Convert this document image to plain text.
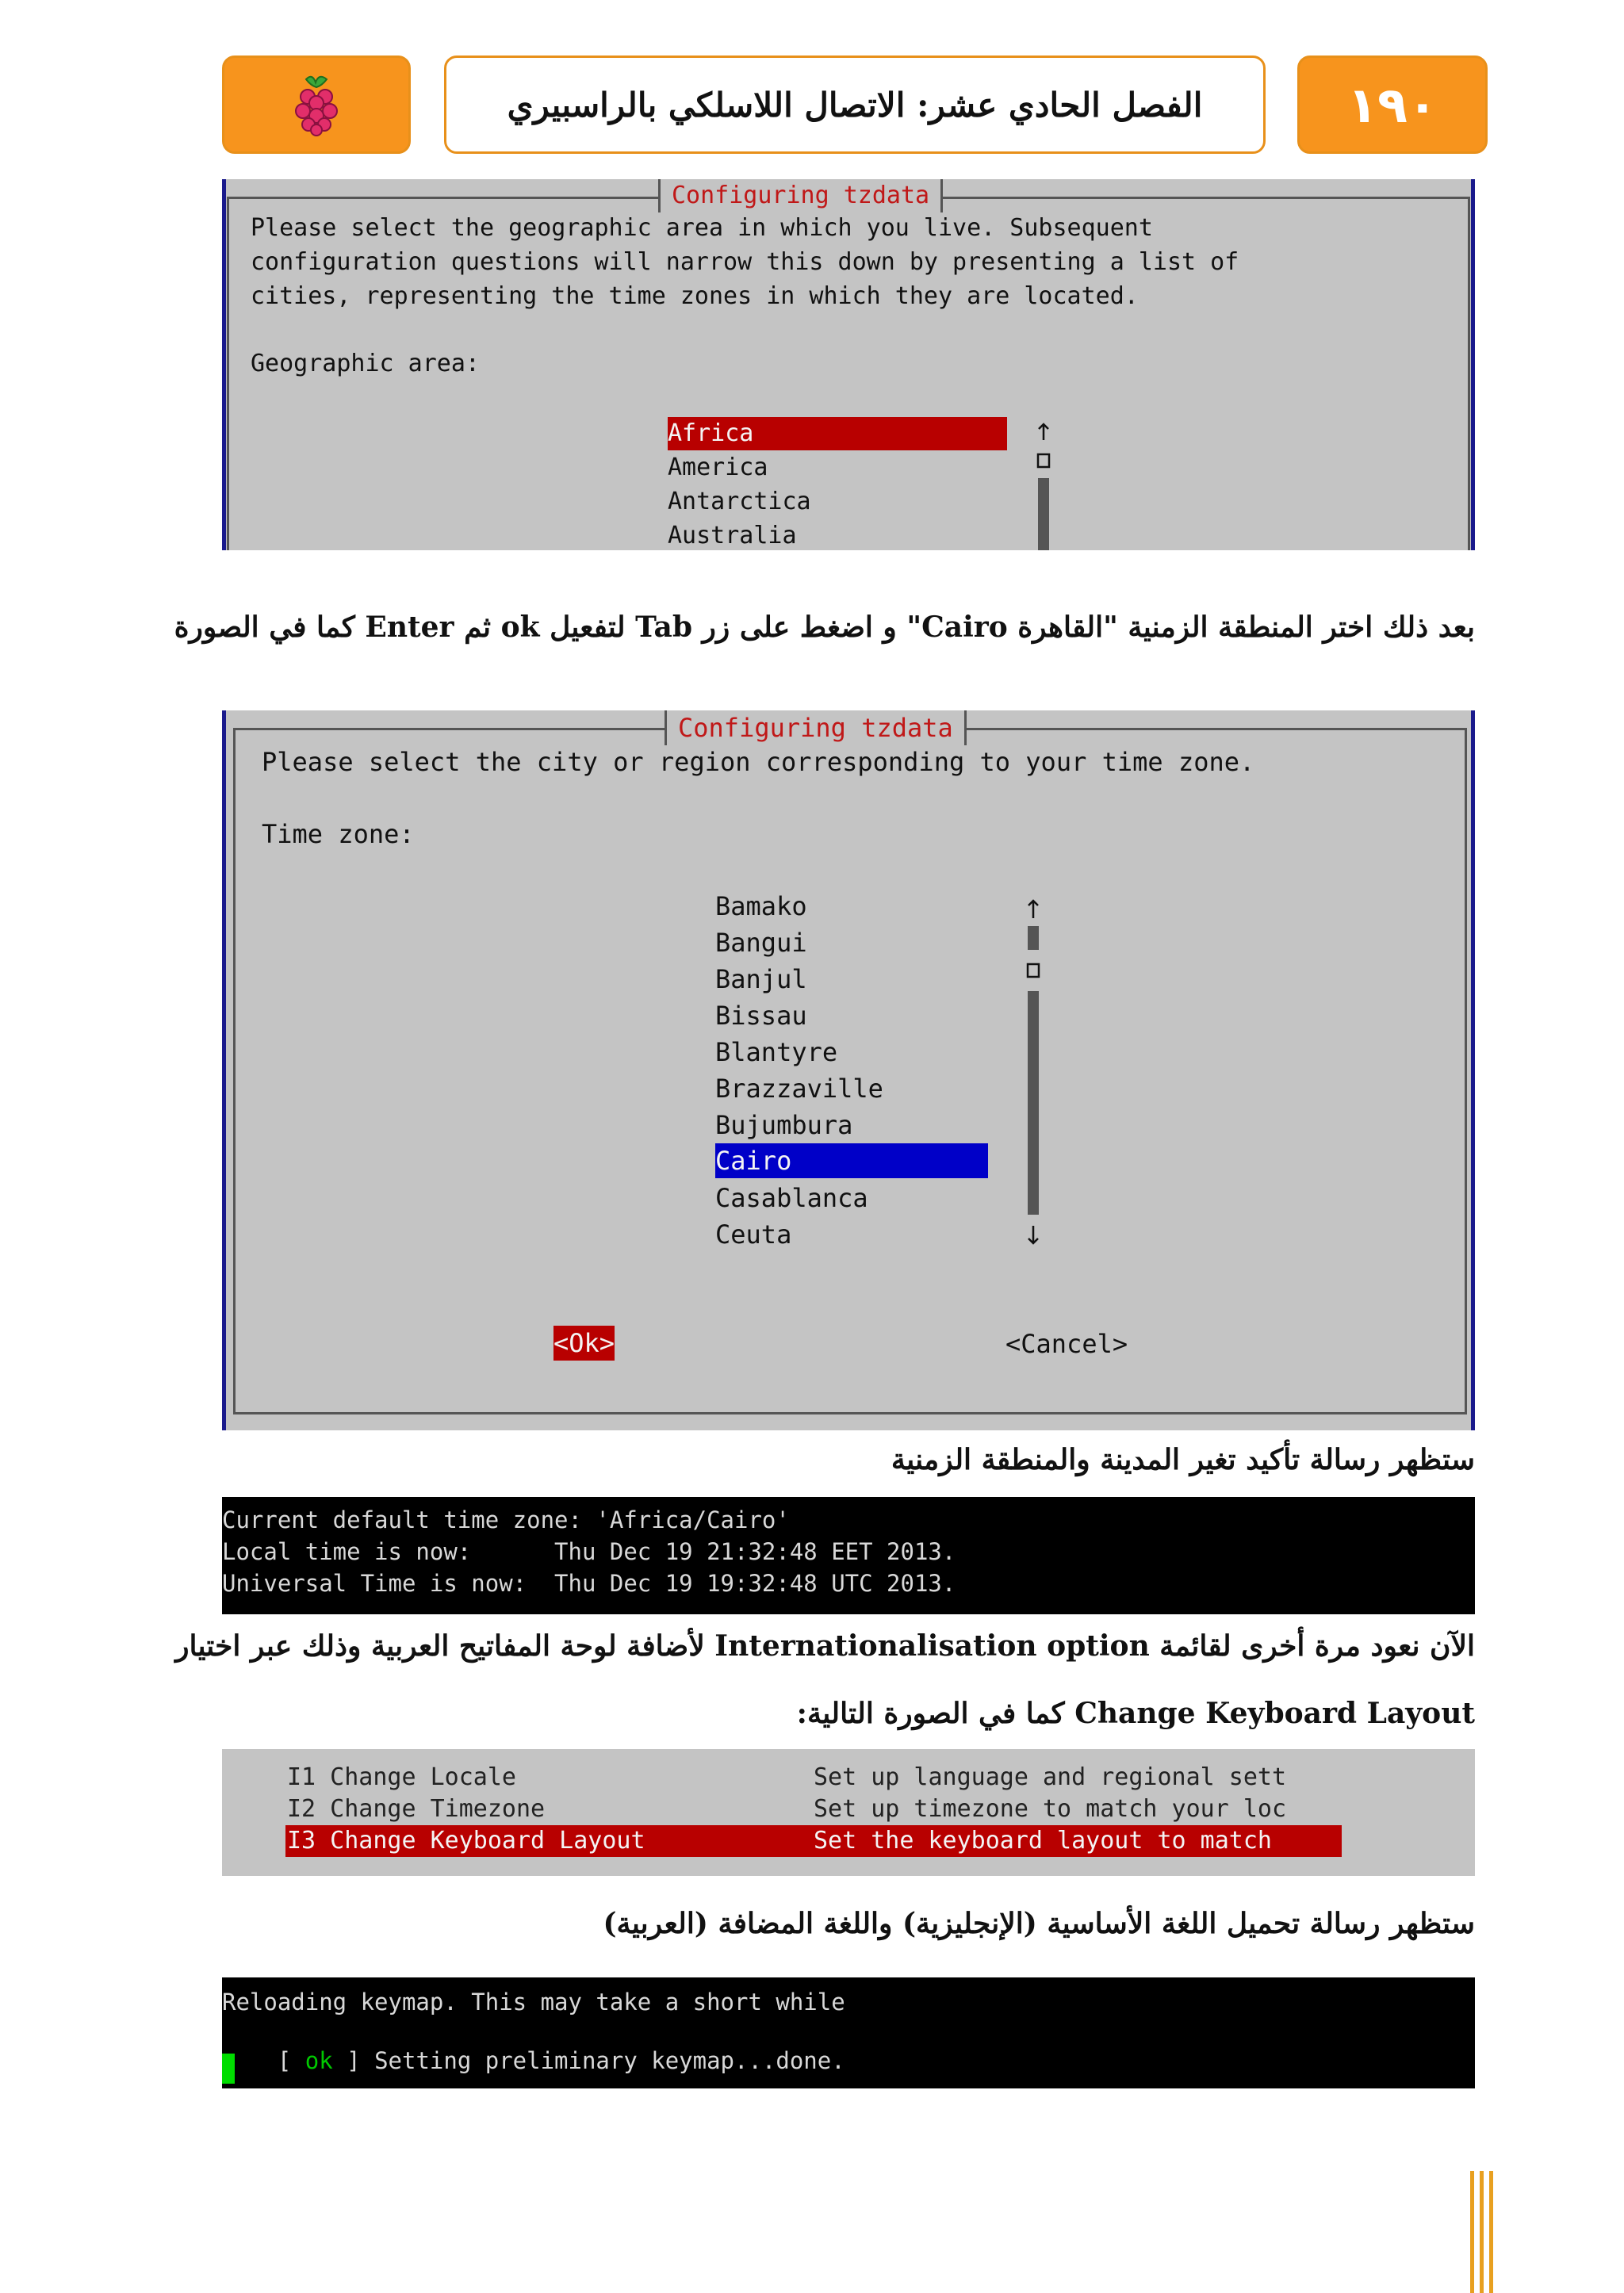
الفصل الحادي عشر: الاتصال اللاسلكي بالراسبيري	١٩٠
Configuring tzdata
Please select the geographic area in which you live. Subsequent
configuration questions will narrow this down by presenting a list of
cities, representing the time zones in which they are located.
Geographic area:
Africa
America
Antarctica
Australia
بعد ذلك اختر المنطقة الزمنية "القاهرة Cairo" و اضغط على زر Tab لتفعيل ok ثم Enter كما في الصورة
Configuring tzdata
Please select the city or region corresponding to your time zone.
Time zone:
Bamako
Bangui
Banjul
Bissau
Blantyre
Brazzaville
Bujumbura
Cairo
Casablanca
Ceuta
<Ok>	<Cancel>
ستظهر رسالة تأكيد تغير المدينة والمنطقة الزمنية
Current default time zone: 'Africa/Cairo'
Local time is now:      Thu Dec 19 21:32:48 EET 2013.
Universal Time is now:  Thu Dec 19 19:32:48 UTC 2013.
الآن نعود مرة أخرى لقائمة Internationalisation option لأضافة لوحة المفاتيح العربية وذلك عبر اختيار
Change Keyboard Layout كما في الصورة التالية:
I1 Change Locale	Set up language and regional sett
I2 Change Timezone	Set up timezone to match your loc
I3 Change Keyboard Layout	Set the keyboard layout to match
ستظهر رسالة تحميل اللغة الأساسية (الإنجليزية) واللغة المضافة (العربية)
Reloading keymap. This may take a short while

[ ok ] Setting preliminary keymap...done.
